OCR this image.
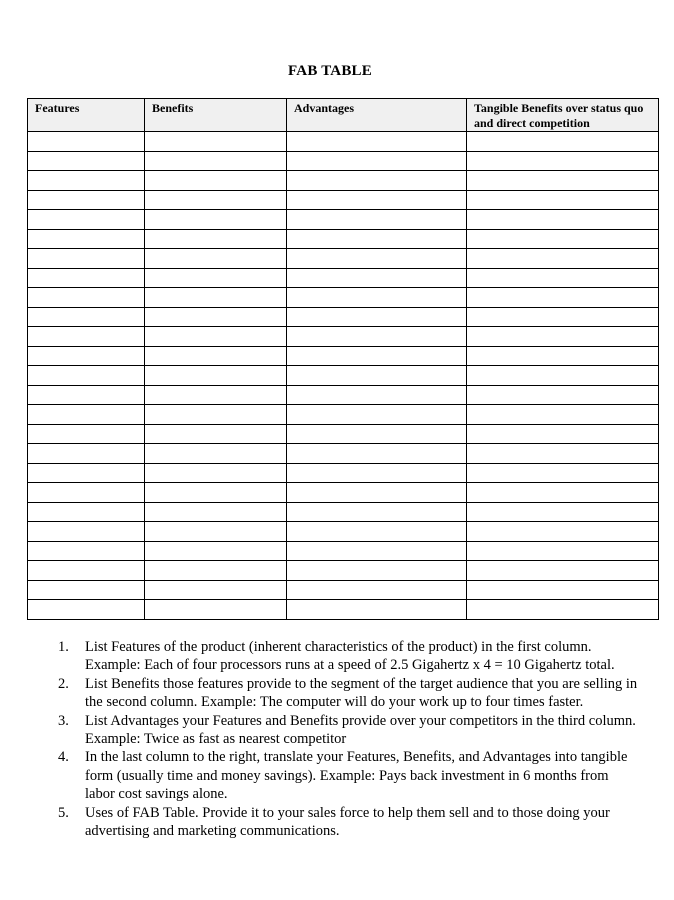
FAB TABLE
Features	Benefits	Advantages	Tangible Benefits over status quo and direct competition

1. List Features of the product (inherent characteristics of the product) in the first column. Example: Each of four processors runs at a speed of 2.5 Gigahertz x 4 = 10 Gigahertz total.
2. List Benefits those features provide to the segment of the target audience that you are selling in the second column. Example: The computer will do your work up to four times faster.
3. List Advantages your Features and Benefits provide over your competitors in the third column. Example: Twice as fast as nearest competitor
4. In the last column to the right, translate your Features, Benefits, and Advantages into tangible form (usually time and money savings). Example: Pays back investment in 6 months from labor cost savings alone.
5. Uses of FAB Table. Provide it to your sales force to help them sell and to those doing your advertising and marketing communications.
